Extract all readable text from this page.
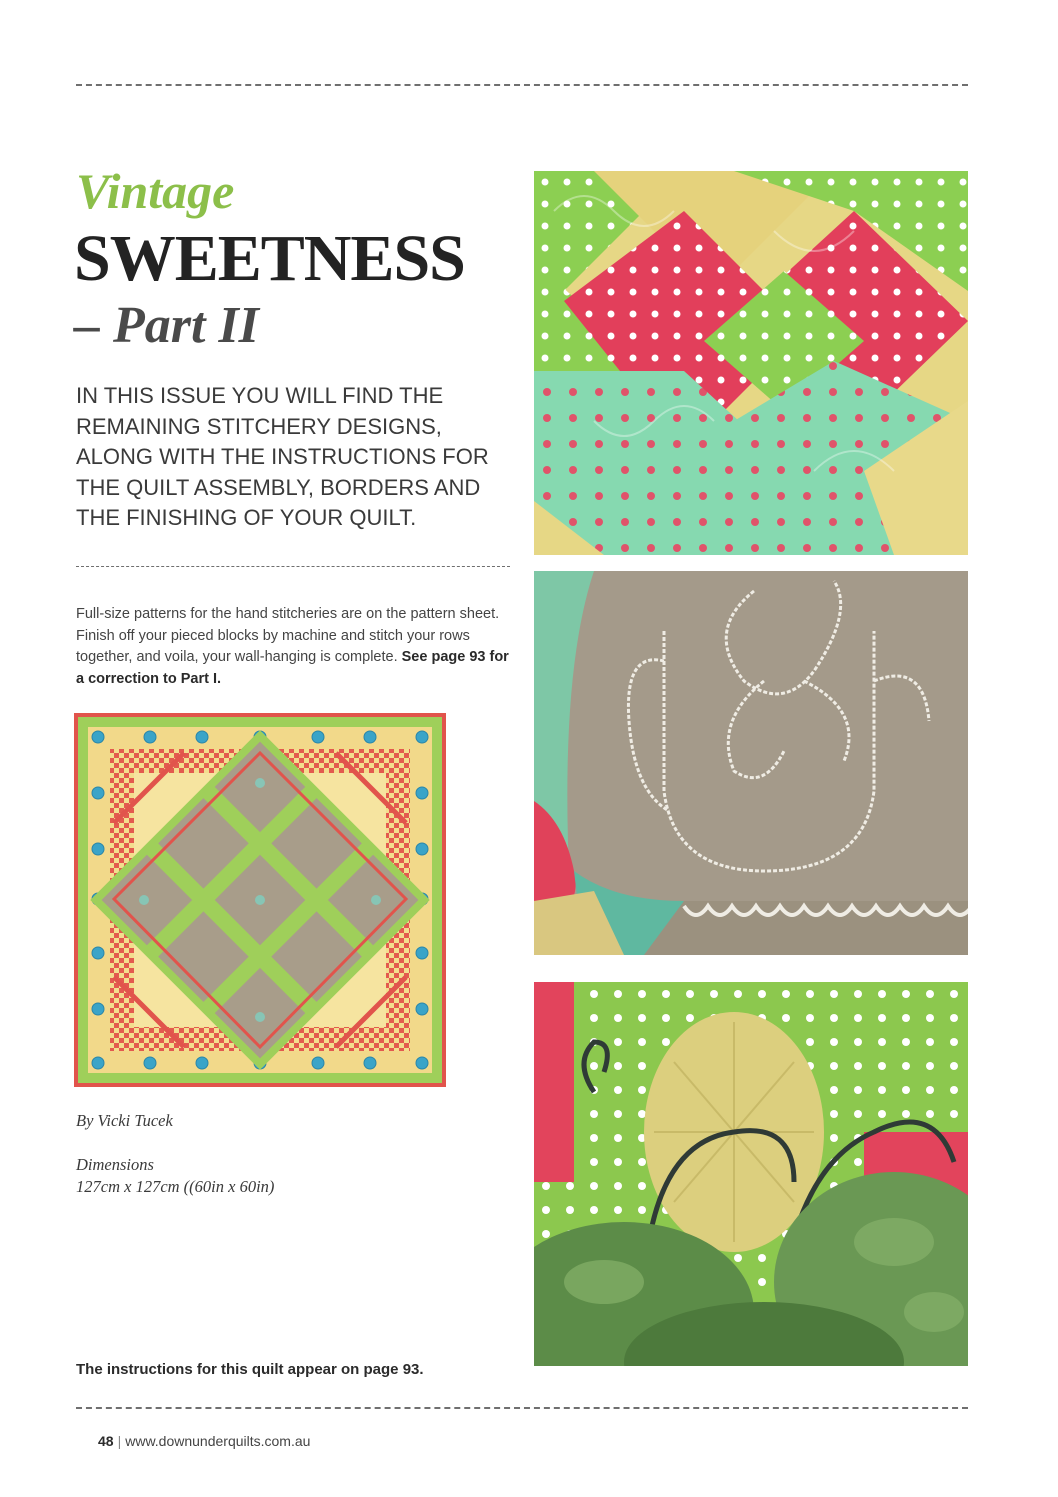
Vintage
SWEETNESS
– Part II

IN THIS ISSUE YOU WILL FIND THE REMAINING STITCHERY DESIGNS, ALONG WITH THE INSTRUCTIONS FOR THE QUILT ASSEMBLY, BORDERS AND THE FINISHING OF YOUR QUILT.

Full-size patterns for the hand stitcheries are on the pattern sheet. Finish off your pieced blocks by machine and stitch your rows together, and voila, your wall-hanging is complete. See page 93 for a correction to Part I.

By Vicki Tucek

Dimensions

127cm x 127cm ((60in x 60in)

The instructions for this quilt appear on page 93.

48 | www.downunderquilts.com.au
